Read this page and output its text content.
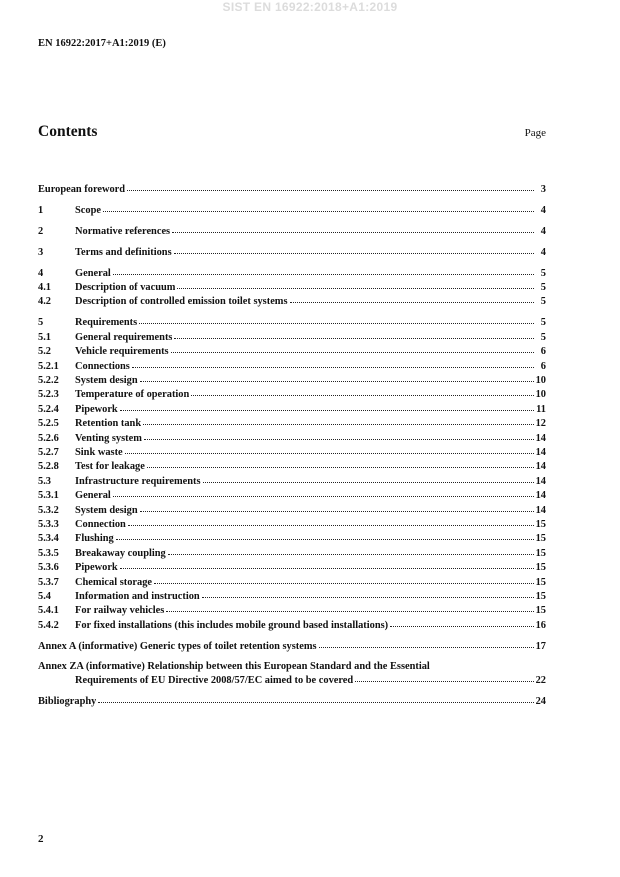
SIST EN 16922:2018+A1:2019
EN 16922:2017+A1:2019 (E)
Contents	Page
European foreword	3
1	Scope	4
2	Normative references	4
3	Terms and definitions	4
4	General	5
4.1	Description of vacuum	5
4.2	Description of controlled emission toilet systems	5
5	Requirements	5
5.1	General requirements	5
5.2	Vehicle requirements	6
5.2.1	Connections	6
5.2.2	System design	10
5.2.3	Temperature of operation	10
5.2.4	Pipework	11
5.2.5	Retention tank	12
5.2.6	Venting system	14
5.2.7	Sink waste	14
5.2.8	Test for leakage	14
5.3	Infrastructure requirements	14
5.3.1	General	14
5.3.2	System design	14
5.3.3	Connection	15
5.3.4	Flushing	15
5.3.5	Breakaway coupling	15
5.3.6	Pipework	15
5.3.7	Chemical storage	15
5.4	Information and instruction	15
5.4.1	For railway vehicles	15
5.4.2	For fixed installations (this includes mobile ground based installations)	16
Annex A (informative) Generic types of toilet retention systems	17
Annex ZA (informative) Relationship between this European Standard and the Essential
Requirements of EU Directive 2008/57/EC aimed to be covered	22
Bibliography	24
2
